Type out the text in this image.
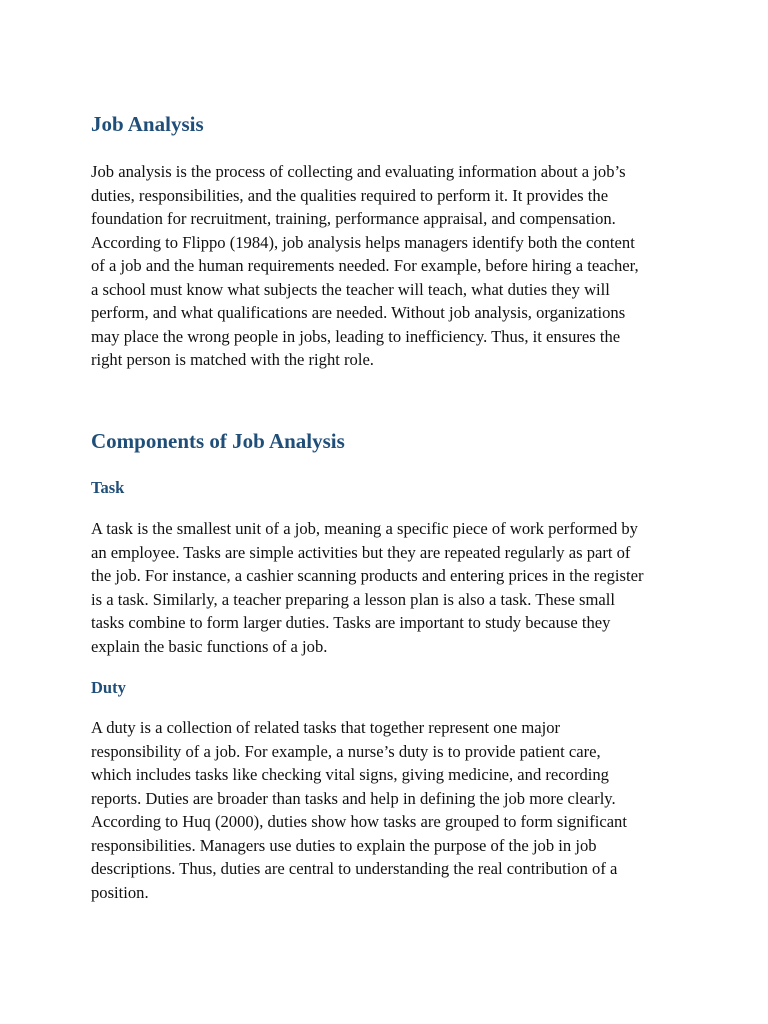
Job Analysis

Job analysis is the process of collecting and evaluating information about a job’s
duties, responsibilities, and the qualities required to perform it. It provides the
foundation for recruitment, training, performance appraisal, and compensation.
According to Flippo (1984), job analysis helps managers identify both the content
of a job and the human requirements needed. For example, before hiring a teacher,
a school must know what subjects the teacher will teach, what duties they will
perform, and what qualifications are needed. Without job analysis, organizations
may place the wrong people in jobs, leading to inefficiency. Thus, it ensures the
right person is matched with the right role.

Components of Job Analysis
Task

A task is the smallest unit of a job, meaning a specific piece of work performed by
an employee. Tasks are simple activities but they are repeated regularly as part of
the job. For instance, a cashier scanning products and entering prices in the register
is a task. Similarly, a teacher preparing a lesson plan is also a task. These small
tasks combine to form larger duties. Tasks are important to study because they
explain the basic functions of a job.

Duty

A duty is a collection of related tasks that together represent one major
responsibility of a job. For example, a nurse’s duty is to provide patient care,
which includes tasks like checking vital signs, giving medicine, and recording
reports. Duties are broader than tasks and help in defining the job more clearly.
According to Huq (2000), duties show how tasks are grouped to form significant
responsibilities. Managers use duties to explain the purpose of the job in job
descriptions. Thus, duties are central to understanding the real contribution of a
position.
